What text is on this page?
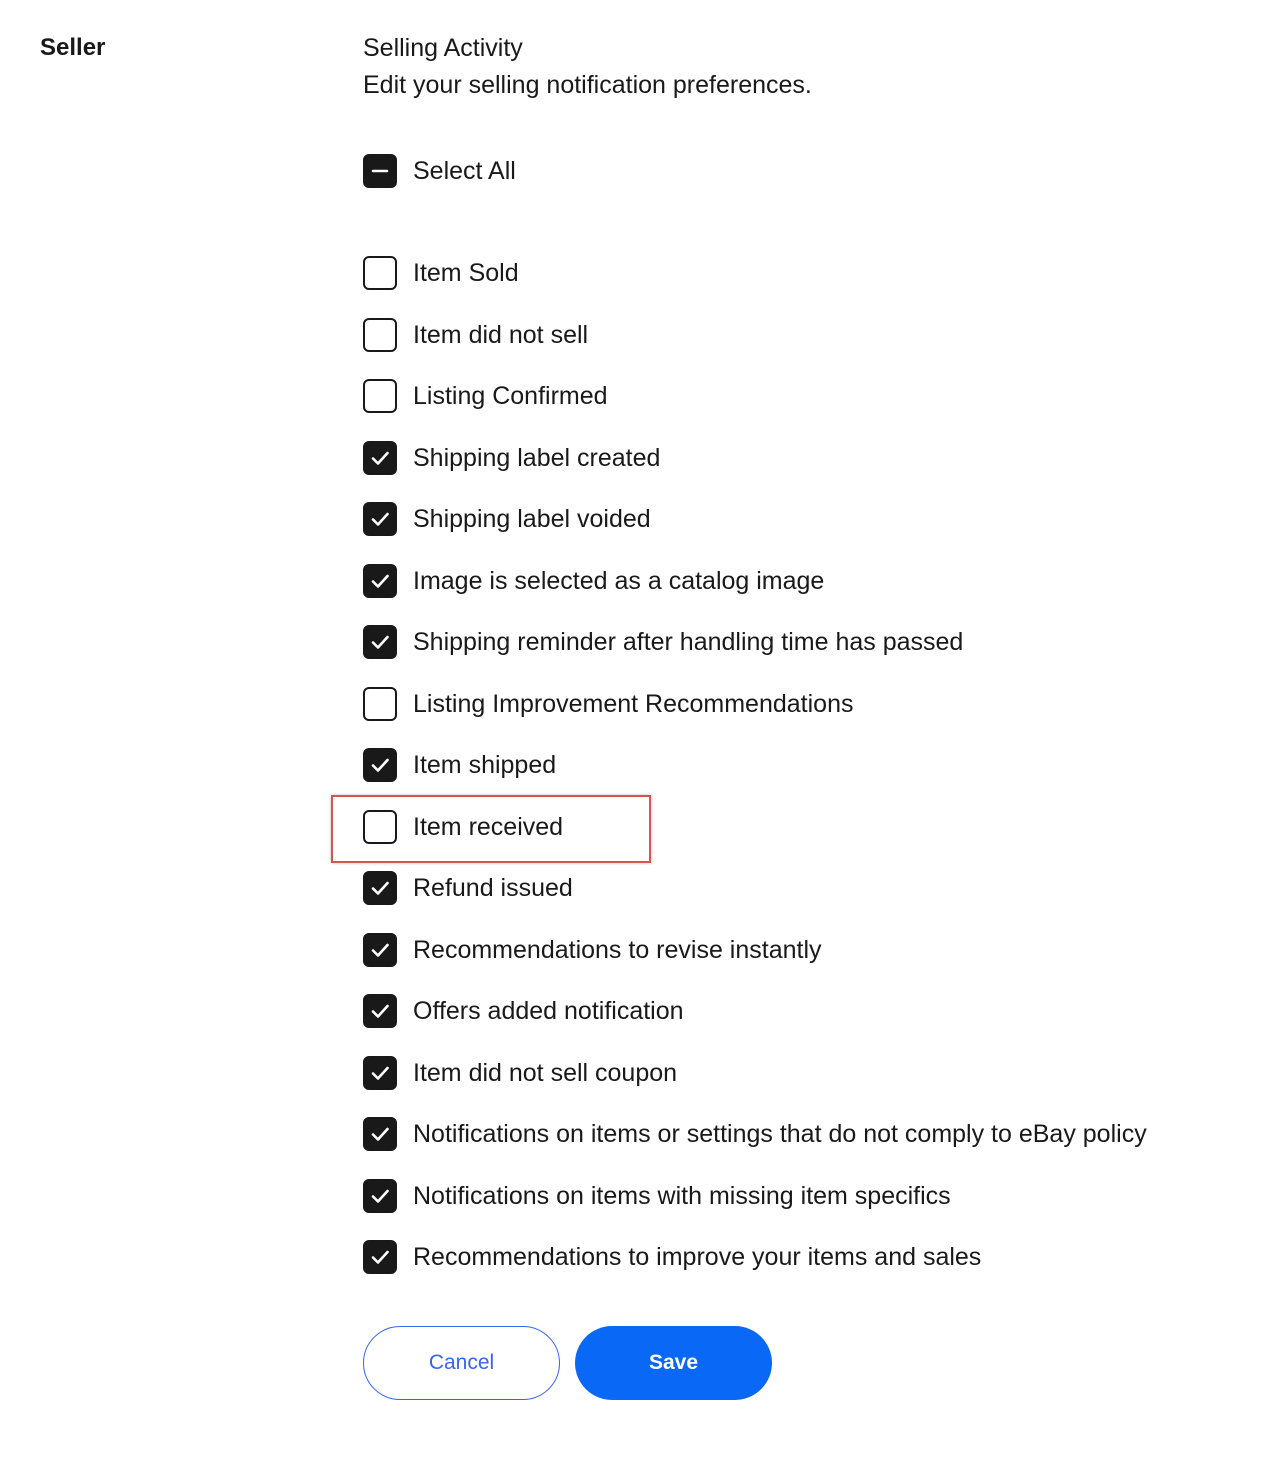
Seller	Selling Activity
Edit your selling notification preferences.
Select All
Item Sold
Item did not sell
Listing Confirmed
Shipping label created
Shipping label voided
Image is selected as a catalog image
Shipping reminder after handling time has passed
Listing Improvement Recommendations
Item shipped
Item received
Refund issued
Recommendations to revise instantly
Offers added notification
Item did not sell coupon
Notifications on items or settings that do not comply to eBay policy
Notifications on items with missing item specifics
Recommendations to improve your items and sales
Cancel	Save
